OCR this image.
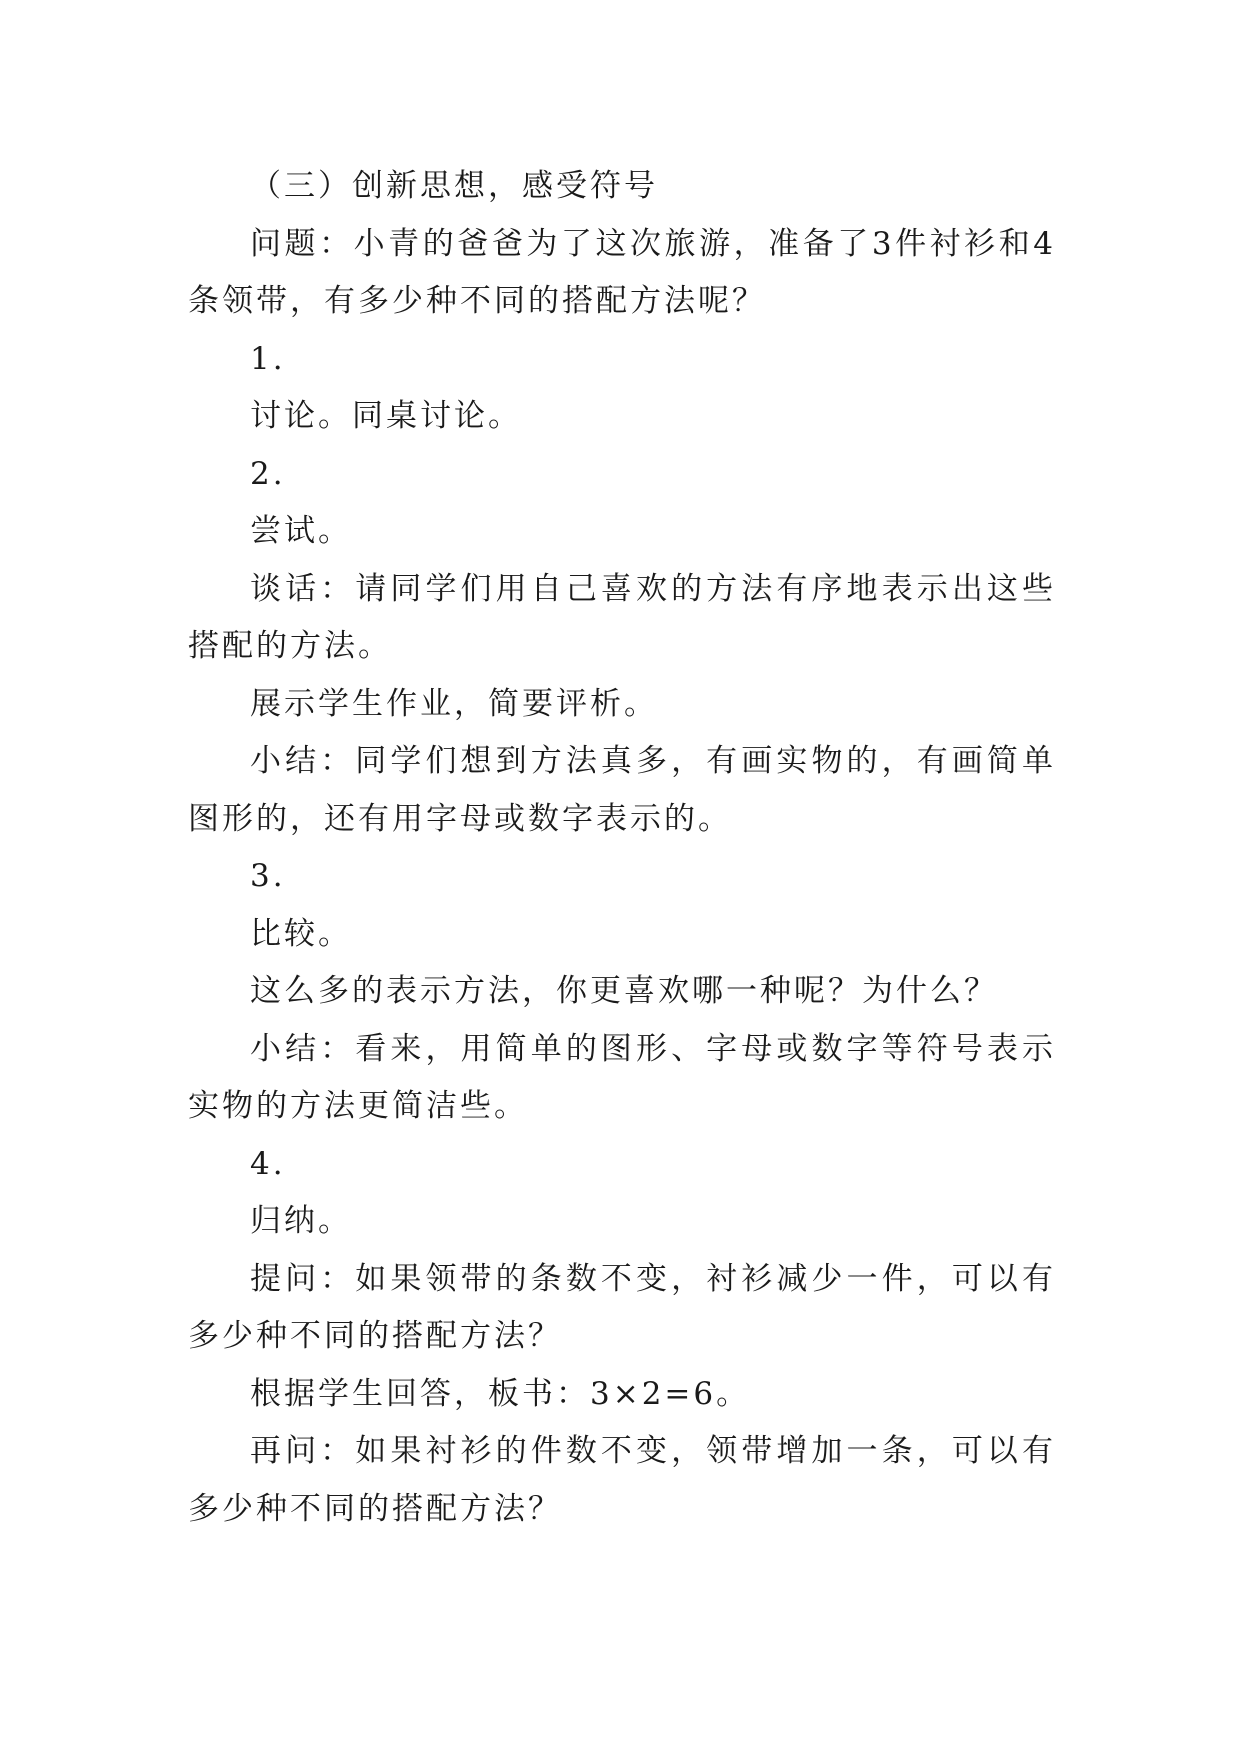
（三）创新思想，感受符号

问题：小青的爸爸为了这次旅游，准备了3件衬衫和4条领带，有多少种不同的搭配方法呢？

1.

讨论。同桌讨论。

2.

尝试。

谈话：请同学们用自己喜欢的方法有序地表示出这些搭配的方法。

展示学生作业，简要评析。

小结：同学们想到方法真多，有画实物的，有画简单图形的，还有用字母或数字表示的。

3.

比较。

这么多的表示方法，你更喜欢哪一种呢？为什么？

小结：看来，用简单的图形、字母或数字等符号表示实物的方法更简洁些。

4.

归纳。

提问：如果领带的条数不变，衬衫减少一件，可以有多少种不同的搭配方法？

根据学生回答，板书：3×2=6。

再问：如果衬衫的件数不变，领带增加一条，可以有多少种不同的搭配方法？
